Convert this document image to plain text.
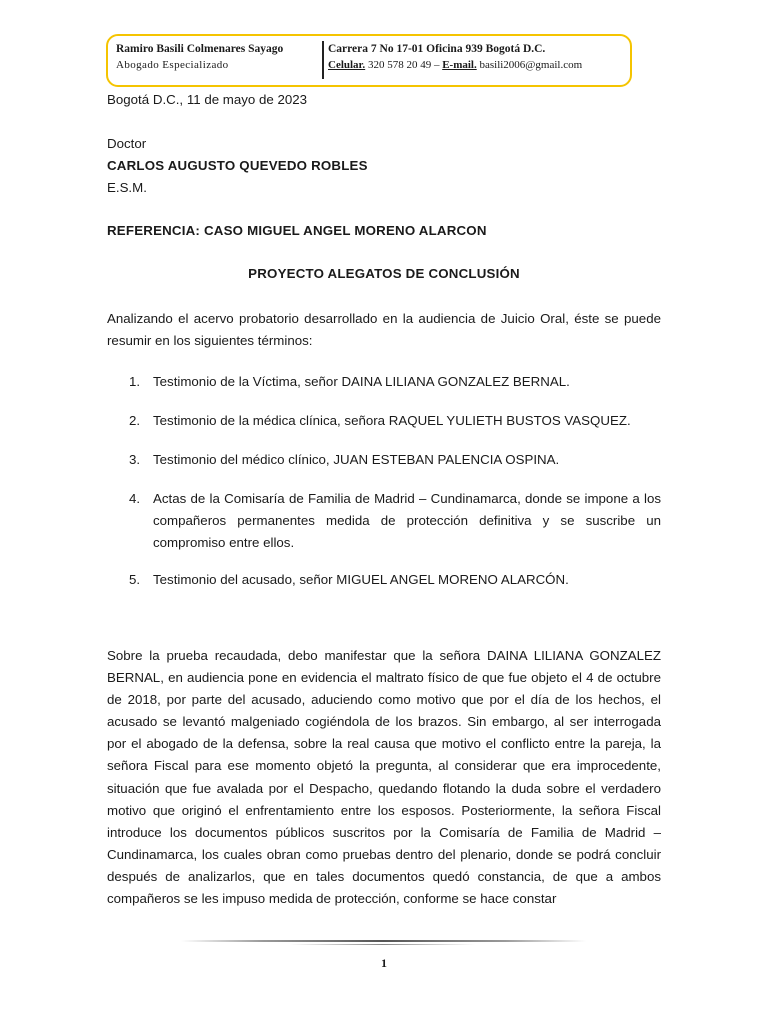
Ramiro Basili Colmenares Sayago
Abogado Especializado
Carrera 7 No 17-01 Oficina 939 Bogotá D.C.
Celular. 320 578 20 49 – E-mail. basili2006@gmail.com
Bogotá D.C., 11 de mayo de 2023
Doctor
CARLOS AUGUSTO QUEVEDO ROBLES
E.S.M.
REFERENCIA: CASO MIGUEL ANGEL MORENO ALARCON
PROYECTO ALEGATOS DE CONCLUSIÓN
Analizando el acervo probatorio desarrollado en la audiencia de Juicio Oral, éste se puede resumir en los siguientes términos:
1. Testimonio de la Víctima, señor DAINA LILIANA GONZALEZ BERNAL.
2. Testimonio de la médica clínica, señora RAQUEL YULIETH BUSTOS VASQUEZ.
3. Testimonio del médico clínico, JUAN ESTEBAN PALENCIA OSPINA.
4. Actas de la Comisaría de Familia de Madrid – Cundinamarca, donde se impone a los compañeros permanentes medida de protección definitiva y se suscribe un compromiso entre ellos.
5. Testimonio del acusado, señor MIGUEL ANGEL MORENO ALARCÓN.
Sobre la prueba recaudada, debo manifestar que la señora DAINA LILIANA GONZALEZ BERNAL, en audiencia pone en evidencia el maltrato físico de que fue objeto el 4 de octubre de 2018, por parte del acusado, aduciendo como motivo que por el día de los hechos, el acusado se levantó malgeniado cogiéndola de los brazos. Sin embargo, al ser interrogada por el abogado de la defensa, sobre la real causa que motivo el conflicto entre la pareja, la señora Fiscal para ese momento objetó la pregunta, al considerar que era improcedente, situación que fue avalada por el Despacho, quedando flotando la duda sobre el verdadero motivo que originó el enfrentamiento entre los esposos. Posteriormente, la señora Fiscal introduce los documentos públicos suscritos por la Comisaría de Familia de Madrid – Cundinamarca, los cuales obran como pruebas dentro del plenario, donde se podrá concluir después de analizarlos, que en tales documentos quedó constancia, de que a ambos compañeros se les impuso medida de protección, conforme se hace constar
1
